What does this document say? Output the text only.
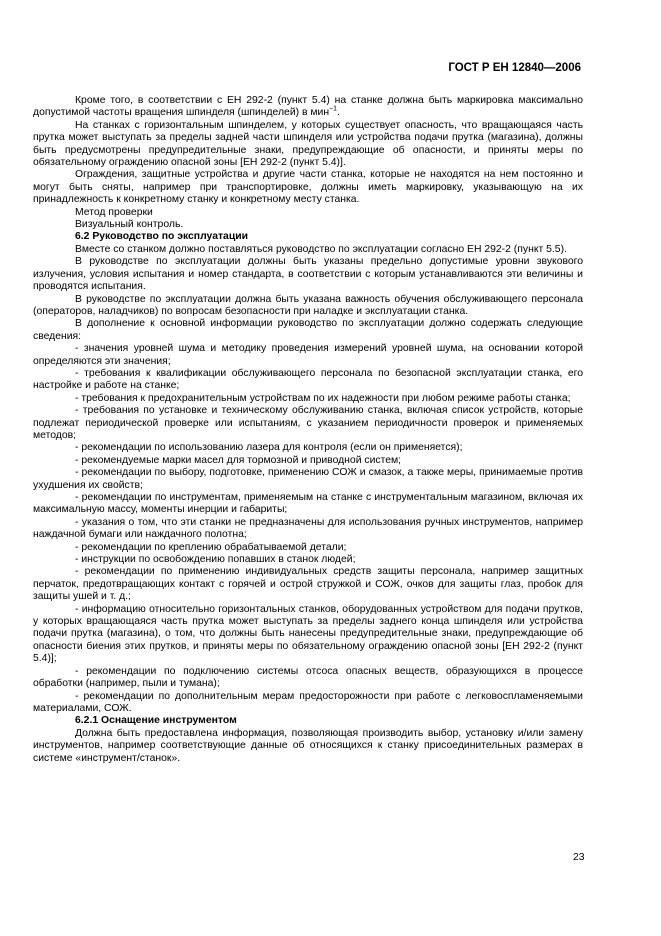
ГОСТ Р ЕН 12840—2006

Кроме того, в соответствии с ЕН 292-2 (пункт 5.4) на станке должна быть маркировка максимально допустимой частоты вращения шпинделя (шпинделей) в мин$^{-1}$.

На станках с горизонтальным шпинделем, у которых существует опасность, что вращающаяся часть прутка может выступать за пределы задней части шпинделя или устройства подачи прутка (магазина), должны быть предусмотрены предупредительные знаки, предупреждающие об опасности, и приняты меры по обязательному ограждению опасной зоны [ЕН 292-2 (пункт 5.4)].

Ограждения, защитные устройства и другие части станка, которые не находятся на нем постоянно и могут быть сняты, например при транспортировке, должны иметь маркировку, указывающую на их принадлежность к конкретному станку и конкретному месту станка.

Метод проверки

Визуальный контроль.

6.2 Руководство по эксплуатации

Вместе со станком должно поставляться руководство по эксплуатации согласно ЕН 292-2 (пункт 5.5).

В руководстве по эксплуатации должны быть указаны предельно допустимые уровни звукового излучения, условия испытания и номер стандарта, в соответствии с которым устанавливаются эти величины и проводятся испытания.

В руководстве по эксплуатации должна быть указана важность обучения обслуживающего персонала (операторов, наладчиков) по вопросам безопасности при наладке и эксплуатации станка.

В дополнение к основной информации руководство по эксплуатации должно содержать следующие сведения:

- значения уровней шума и методику проведения измерений уровней шума, на основании которой определяются эти значения;

- требования к квалификации обслуживающего персонала по безопасной эксплуатации станка, его настройке и работе на станке;

- требования к предохранительным устройствам по их надежности при любом режиме работы станка;

- требования по установке и техническому обслуживанию станка, включая список устройств, которые подлежат периодической проверке или испытаниям, с указанием периодичности проверок и применяемых методов;

- рекомендации по использованию лазера для контроля (если он применяется);

- рекомендуемые марки масел для тормозной и приводной систем;

- рекомендации по выбору, подготовке, применению СОЖ и смазок, а также меры, принимаемые против ухудшения их свойств;

- рекомендации по инструментам, применяемым на станке с инструментальным магазином, включая их максимальную массу, моменты инерции и габариты;

- указания о том, что эти станки не предназначены для использования ручных инструментов, например наждачной бумаги или наждачного полотна;

- рекомендации по креплению обрабатываемой детали;

- инструкции по освобождению попавших в станок людей;

- рекомендации по применению индивидуальных средств защиты персонала, например защитных перчаток, предотвращающих контакт с горячей и острой стружкой и СОЖ, очков для защиты глаз, пробок для защиты ушей и т. д.;

- информацию относительно горизонтальных станков, оборудованных устройством для подачи прутков, у которых вращающаяся часть прутка может выступать за пределы заднего конца шпинделя или устройства подачи прутка (магазина), о том, что должны быть нанесены предупредительные знаки, предупреждающие об опасности биения этих прутков, и приняты меры по обязательному ограждению опасной зоны [ЕН 292-2 (пункт 5.4)];

- рекомендации по подключению системы отсоса опасных веществ, образующихся в процессе обработки (например, пыли и тумана);

- рекомендации по дополнительным мерам предосторожности при работе с легковоспламеняемыми материалами, СОЖ.

6.2.1 Оснащение инструментом

Должна быть предоставлена информация, позволяющая производить выбор, установку и/или замену инструментов, например соответствующие данные об относящихся к станку присоединительных размерах в системе «инструмент/станок».

23
